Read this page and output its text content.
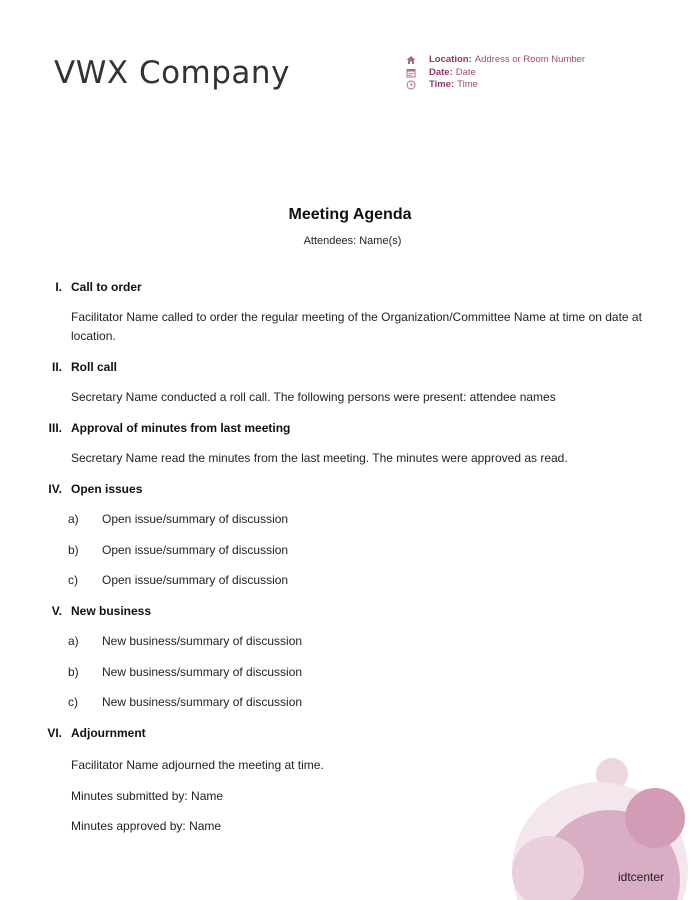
VWX Company	Location: Address or Room Number
Date: Date
Time: Time
Meeting Agenda
Attendees: Name(s)
I. Call to order
Facilitator Name called to order the regular meeting of the Organization/Committee Name at time on date at location.
II. Roll call
Secretary Name conducted a roll call. The following persons were present: attendee names
III. Approval of minutes from last meeting
Secretary Name read the minutes from the last meeting. The minutes were approved as read.
IV. Open issues
a) Open issue/summary of discussion
b) Open issue/summary of discussion
c) Open issue/summary of discussion
V. New business
a) New business/summary of discussion
b) New business/summary of discussion
c) New business/summary of discussion
VI. Adjournment
Facilitator Name adjourned the meeting at time.
Minutes submitted by: Name
Minutes approved by: Name
idtcenter
